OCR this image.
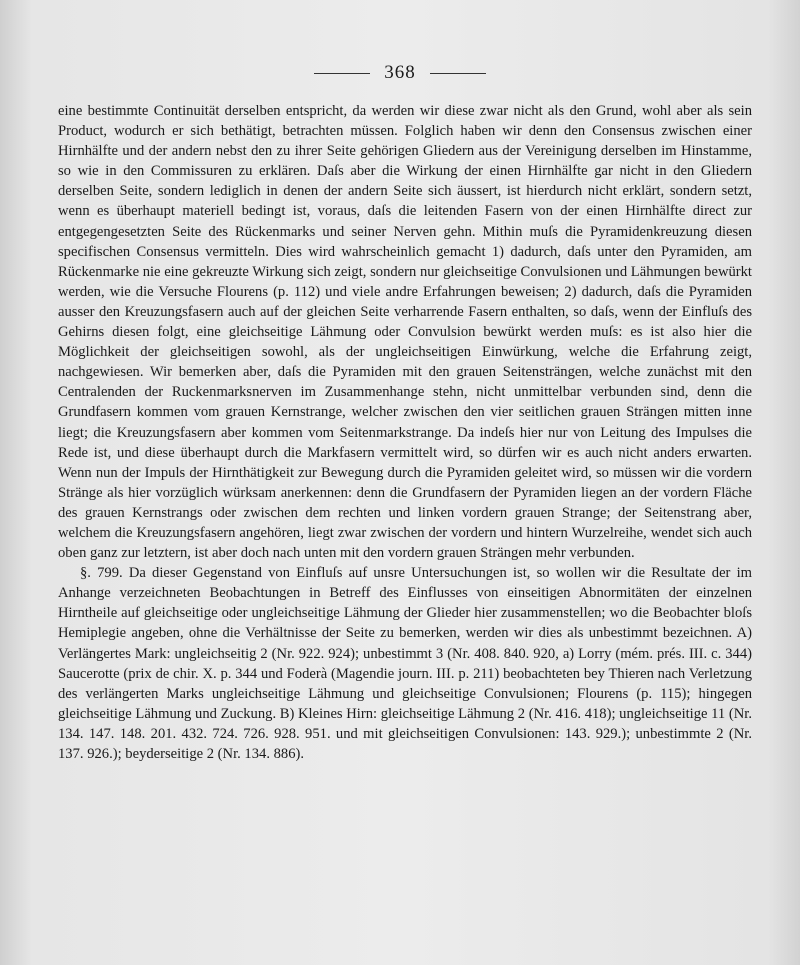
368

eine bestimmte Continuität derselben entspricht, da werden wir diese zwar nicht als den Grund, wohl aber als sein Product, wodurch er sich bethätigt, betrachten müssen. Folglich haben wir denn den Consensus zwischen einer Hirnhälfte und der andern nebst den zu ihrer Seite gehörigen Gliedern aus der Vereinigung derselben im Hinstamme, so wie in den Commissuren zu erklären. Daſs aber die Wirkung der einen Hirnhälfte gar nicht in den Gliedern derselben Seite, sondern lediglich in denen der andern Seite sich äussert, ist hierdurch nicht erklärt, sondern setzt, wenn es überhaupt materiell bedingt ist, voraus, daſs die leitenden Fasern von der einen Hirnhälfte direct zur entgegengesetzten Seite des Rückenmarks und seiner Nerven gehn. Mithin muſs die Pyramidenkreuzung diesen specifischen Consensus vermitteln. Dies wird wahrscheinlich gemacht 1) dadurch, daſs unter den Pyramiden, am Rückenmarke nie eine gekreuzte Wirkung sich zeigt, sondern nur gleichseitige Convulsionen und Lähmungen bewürkt werden, wie die Versuche Flourens (p. 112) und viele andre Erfahrungen beweisen; 2) dadurch, daſs die Pyramiden ausser den Kreuzungsfasern auch auf der gleichen Seite verharrende Fasern enthalten, so daſs, wenn der Einfluſs des Gehirns diesen folgt, eine gleichseitige Lähmung oder Convulsion bewürkt werden muſs: es ist also hier die Möglichkeit der gleichseitigen sowohl, als der ungleichseitigen Einwürkung, welche die Erfahrung zeigt, nachgewiesen. Wir bemerken aber, daſs die Pyramiden mit den grauen Seitensträngen, welche zunächst mit den Centralenden der Ruckenmarksnerven im Zusammenhange stehn, nicht unmittelbar verbunden sind, denn die Grundfasern kommen vom grauen Kernstrange, welcher zwischen den vier seitlichen grauen Strängen mitten inne liegt; die Kreuzungsfasern aber kommen vom Seitenmarkstrange. Da indeſs hier nur von Leitung des Impulses die Rede ist, und diese überhaupt durch die Markfasern vermittelt wird, so dürfen wir es auch nicht anders erwarten. Wenn nun der Impuls der Hirnthätigkeit zur Bewegung durch die Pyramiden geleitet wird, so müssen wir die vordern Stränge als hier vorzüglich würksam anerkennen: denn die Grundfasern der Pyramiden liegen an der vordern Fläche des grauen Kernstrangs oder zwischen dem rechten und linken vordern grauen Strange; der Seitenstrang aber, welchem die Kreuzungsfasern angehören, liegt zwar zwischen der vordern und hintern Wurzelreihe, wendet sich auch oben ganz zur letztern, ist aber doch nach unten mit den vordern grauen Strängen mehr verbunden.

§. 799. Da dieser Gegenstand von Einfluſs auf unsre Untersuchungen ist, so wollen wir die Resultate der im Anhange verzeichneten Beobachtungen in Betreff des Einflusses von einseitigen Abnormitäten der einzelnen Hirntheile auf gleichseitige oder ungleichseitige Lähmung der Glieder hier zusammenstellen; wo die Beobachter bloſs Hemiplegie angeben, ohne die Verhältnisse der Seite zu bemerken, werden wir dies als unbestimmt bezeichnen. A) Verlängertes Mark: ungleichseitig 2 (Nr. 922. 924); unbestimmt 3 (Nr. 408. 840. 920, a) Lorry (mém. prés. III. c. 344) Saucerotte (prix de chir. X. p. 344 und Foderà (Magendie journ. III. p. 211) beobachteten bey Thieren nach Verletzung des verlängerten Marks ungleichseitige Lähmung und gleichseitige Convulsionen; Flourens (p. 115); hingegen gleichseitige Lähmung und Zuckung. B) Kleines Hirn: gleichseitige Lähmung 2 (Nr. 416. 418); ungleichseitige 11 (Nr. 134. 147. 148. 201. 432. 724. 726. 928. 951. und mit gleichseitigen Convulsionen: 143. 929.); unbestimmte 2 (Nr. 137. 926.); beyderseitige 2 (Nr. 134. 886).
